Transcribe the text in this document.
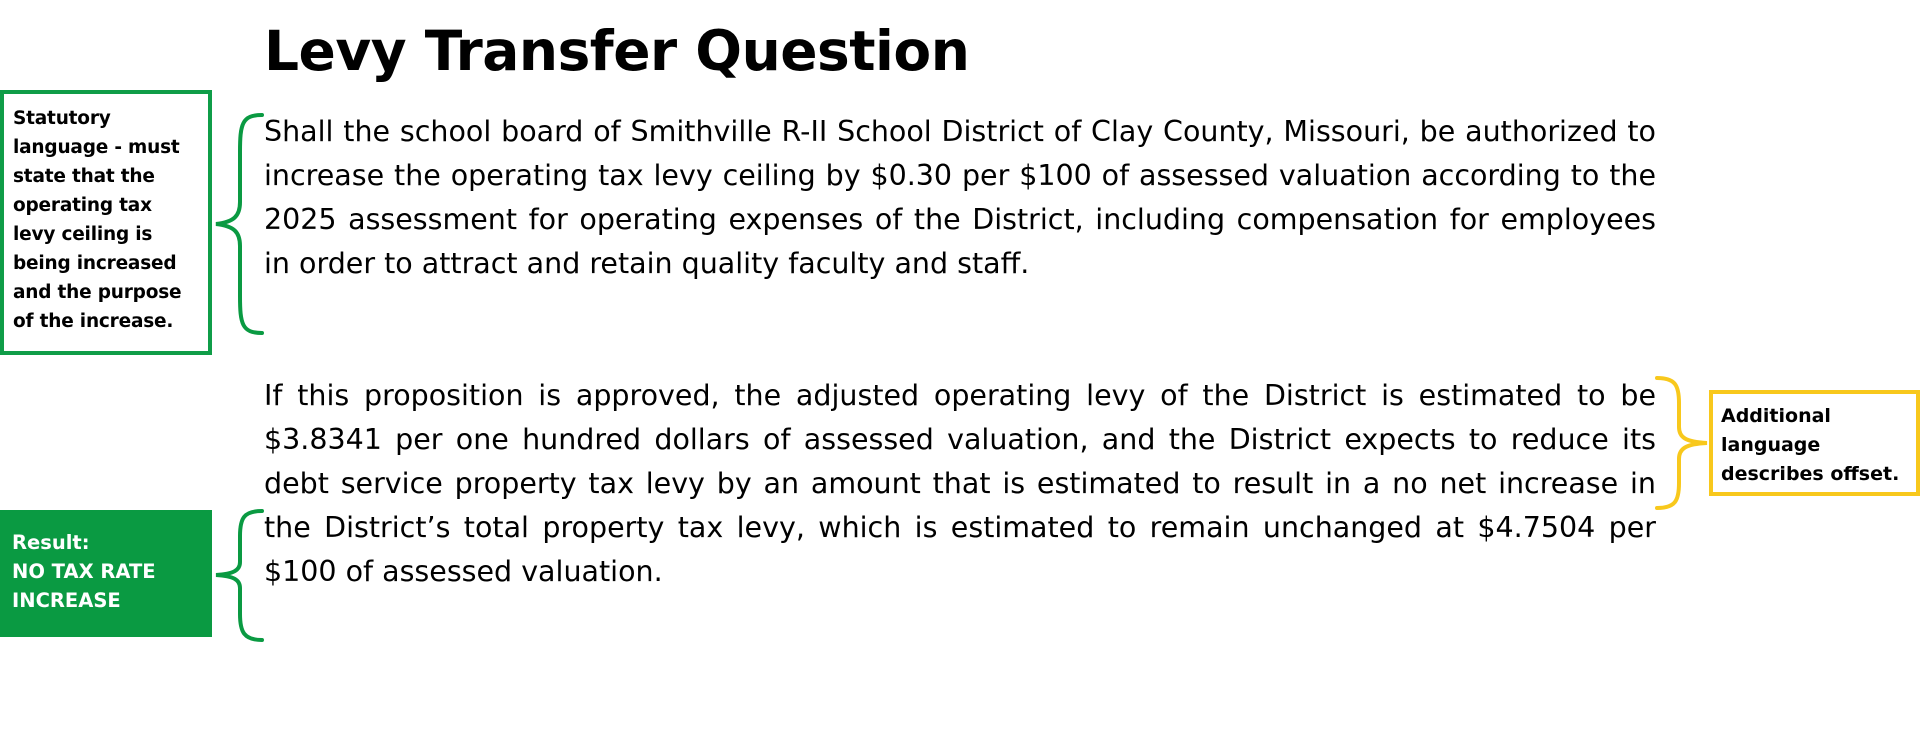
Levy Transfer Question
Statutory language - must state that the operating tax levy ceiling is being increased and the purpose of the increase.

Shall the school board of Smithville R-II School District of Clay County, Missouri, be authorized to increase the operating tax levy ceiling by $0.30 per $100 of assessed valuation according to the 2025 assessment for operating expenses of the District, including compensation for employees in order to attract and retain quality faculty and staff.

Additional language describes offset.

If this proposition is approved, the adjusted operating levy of the District is estimated to be $3.8341 per one hundred dollars of assessed valuation, and the District expects to reduce its debt service property tax levy by an amount that is estimated to result in a no net increase in the District’s total property tax levy, which is estimated to remain unchanged at $4.7504 per $100 of assessed valuation.

Result:
NO TAX RATE INCREASE
